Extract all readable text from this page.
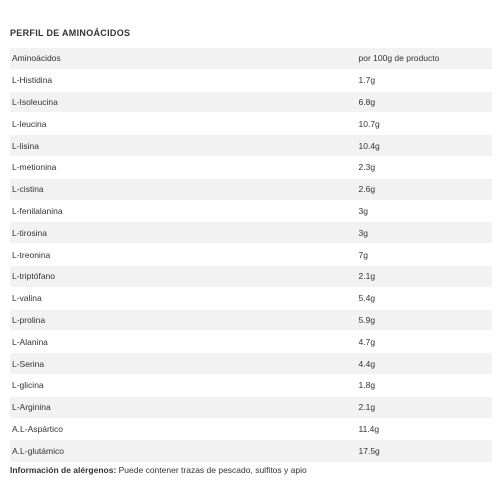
PERFIL DE AMINOÁCIDOS
Aminoácidos	por 100g de producto
L-Histidina	1.7g
L-Isoleucina	6.8g
L-leucina	10.7g
L-lisina	10.4g
L-metionina	2.3g
L-cistina	2.6g
L-fenilalanina	3g
L-tirosina	3g
L-treonina	7g
L-triptófano	2.1g
L-valina	5.4g
L-prolina	5.9g
L-Alanina	4.7g
L-Serina	4.4g
L-glicina	1.8g
L-Arginina	2.1g
A.L-Aspártico	11.4g
A.L-glutámico	17.5g
Información de alérgenos: Puede contener trazas de pescado, sulfitos y apio
